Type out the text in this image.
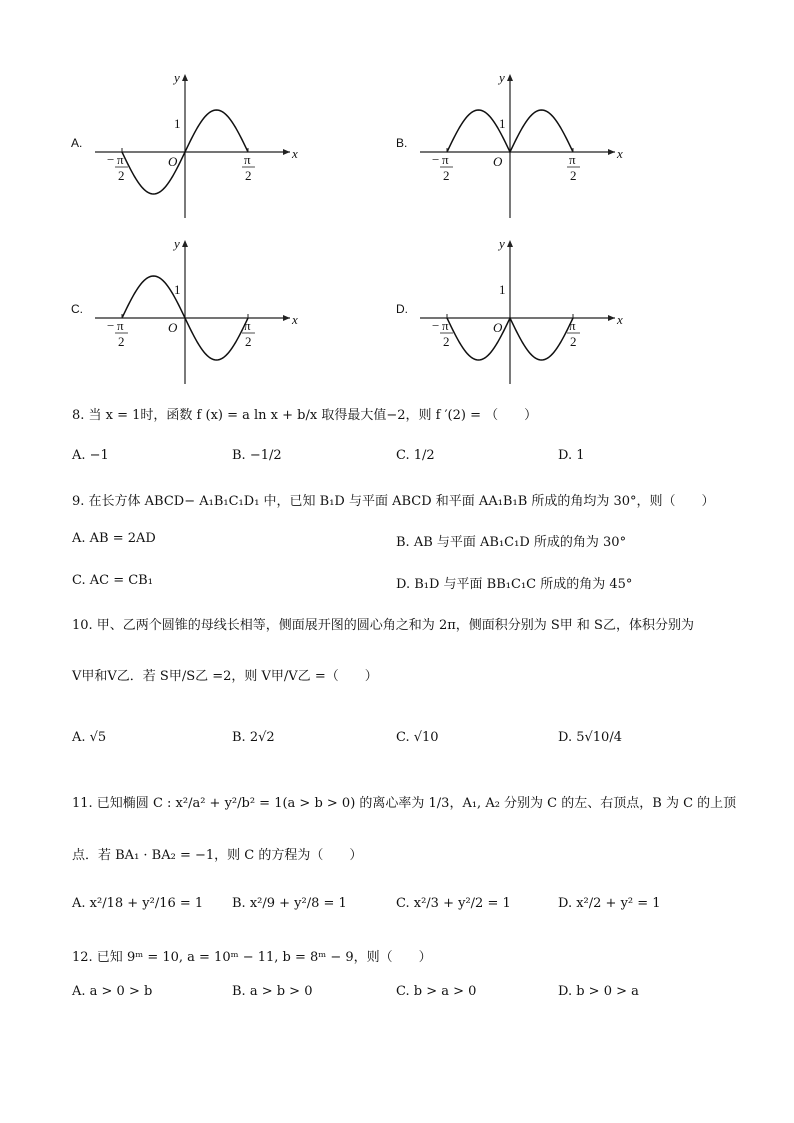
A.
y
x
O
1
− π
2
π
2
B.
y
x
O
1
− π
2
π
2
C.
y
x
O
1
− π
2
π
2
D.
y
x
O
1
− π
2
π
2
8. 当 x = 1时，函数 f (x) = a ln x + b/x 取得最大值−2，则 f ′(2) = （　　）
A. −1	B. −1/2	C. 1/2	D. 1
9. 在长方体 ABCD− A₁B₁C₁D₁ 中，已知 B₁D 与平面 ABCD 和平面 AA₁B₁B 所成的角均为 30°，则（　　）
A. AB = 2AD	B. AB 与平面 AB₁C₁D 所成的角为 30°
C. AC = CB₁	D. B₁D 与平面 BB₁C₁C 所成的角为 45°
10. 甲、乙两个圆锥的母线长相等，侧面展开图的圆心角之和为 2π，侧面积分别为 S甲 和 S乙，体积分别为
V甲和V乙．若 S甲/S乙 =2，则 V甲/V乙 =（　　）
A. √5	B. 2√2	C. √10	D. 5√10/4
11. 已知椭圆 C : x²/a² + y²/b² = 1(a > b > 0) 的离心率为 1/3，A₁, A₂ 分别为 C 的左、右顶点，B 为 C 的上顶
点．若 BA₁ · BA₂ = −1，则 C 的方程为（　　）
A. x²/18 + y²/16 = 1 B. x²/9 + y²/8 = 1	C. x²/3 + y²/2 = 1	D. x²/2 + y² = 1
12. 已知 9ᵐ = 10, a = 10ᵐ − 11, b = 8ᵐ − 9，则（　　）
A. a > 0 > b	B. a > b > 0	C. b > a > 0	D. b > 0 > a
